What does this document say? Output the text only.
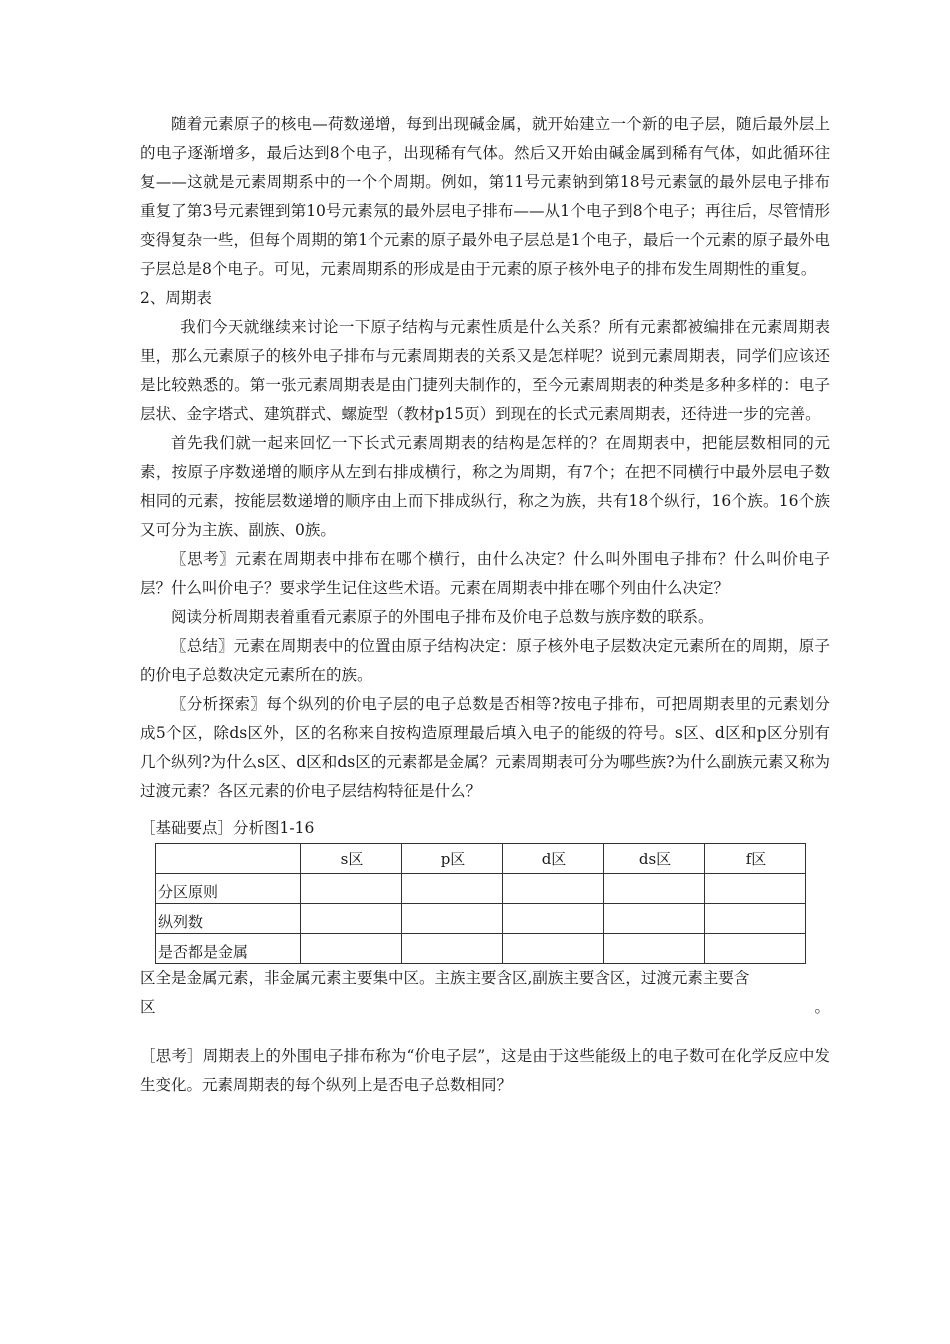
随着元素原子的核电—荷数递增，每到出现碱金属，就开始建立一个新的电子层，随后最外层上的电子逐渐增多，最后达到8个电子，出现稀有气体。然后又开始由碱金属到稀有气体，如此循环往复——这就是元素周期系中的一个个周期。例如，第11号元素钠到第18号元素氩的最外层电子排布重复了第3号元素锂到第10号元素氖的最外层电子排布——从1个电子到8个电子；再往后，尽管情形变得复杂一些，但每个周期的第1个元素的原子最外电子层总是1个电子，最后一个元素的原子最外电子层总是8个电子。可见，元素周期系的形成是由于元素的原子核外电子的排布发生周期性的重复。

2、周期表

我们今天就继续来讨论一下原子结构与元素性质是什么关系？所有元素都被编排在元素周期表里，那么元素原子的核外电子排布与元素周期表的关系又是怎样呢？说到元素周期表，同学们应该还是比较熟悉的。第一张元素周期表是由门捷列夫制作的，至今元素周期表的种类是多种多样的：电子层状、金字塔式、建筑群式、螺旋型（教材p15页）到现在的长式元素周期表，还待进一步的完善。

首先我们就一起来回忆一下长式元素周期表的结构是怎样的？在周期表中，把能层数相同的元素，按原子序数递增的顺序从左到右排成横行，称之为周期，有7个；在把不同横行中最外层电子数相同的元素，按能层数递增的顺序由上而下排成纵行，称之为族，共有18个纵行，16个族。16个族又可分为主族、副族、0族。

〖思考〗元素在周期表中排布在哪个横行，由什么决定？什么叫外围电子排布？什么叫价电子层？什么叫价电子？要求学生记住这些术语。元素在周期表中排在哪个列由什么决定？

阅读分析周期表着重看元素原子的外围电子排布及价电子总数与族序数的联系。

〖总结〗元素在周期表中的位置由原子结构决定：原子核外电子层数决定元素所在的周期，原子的价电子总数决定元素所在的族。

〖分析探索〗每个纵列的价电子层的电子总数是否相等?按电子排布，可把周期表里的元素划分成5个区，除ds区外，区的名称来自按构造原理最后填入电子的能级的符号。s区、d区和p区分别有几个纵列?为什么s区、d区和ds区的元素都是金属？元素周期表可分为哪些族?为什么副族元素又称为过渡元素？各区元素的价电子层结构特征是什么？

［基础要点］分析图1-16

	s区	p区	d区	ds区	f区
分区原则					
纵列数					
是否都是金属					

区全是金属元素，非金属元素主要集中区。主族主要含区,副族主要含区，过渡元素主要含

区	。

［思考］周期表上的外围电子排布称为“价电子层”，这是由于这些能级上的电子数可在化学反应中发生变化。元素周期表的每个纵列上是否电子总数相同？
